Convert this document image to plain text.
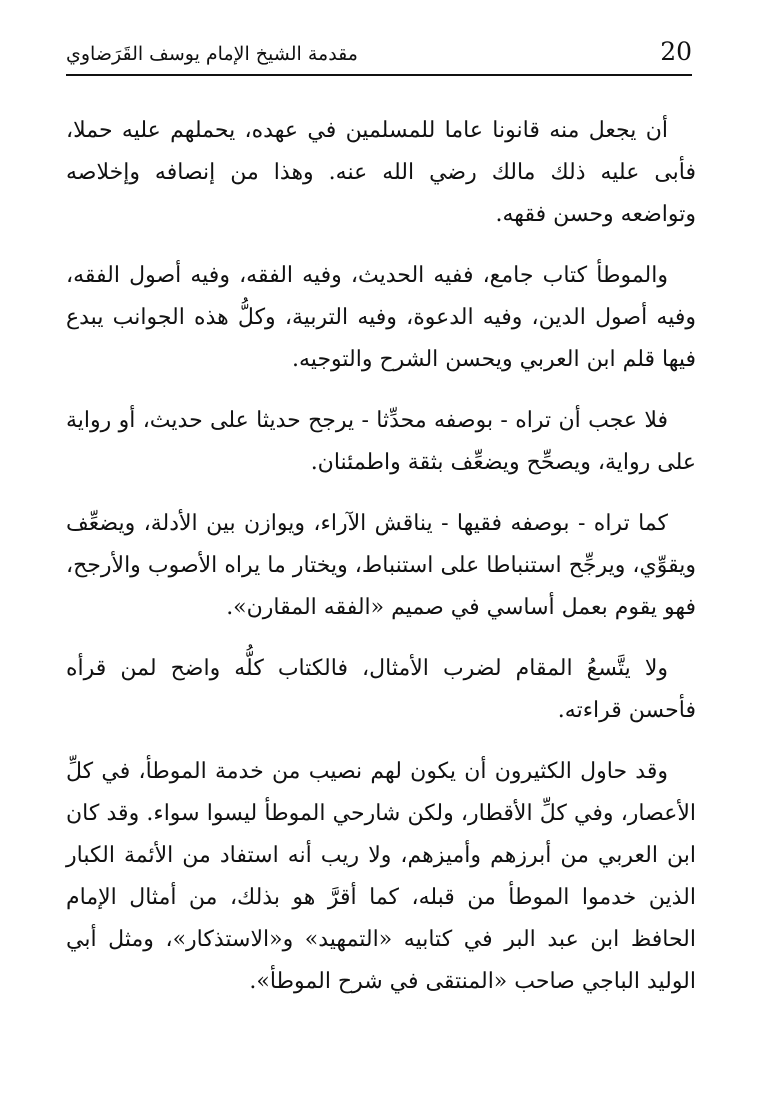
20
مقدمة الشيخ الإمام يوسف القَرَضاوي

أن يجعل منه قانونا عاما للمسلمين في عهده، يحملهم عليه حملا، فأبى عليه ذلك مالك رضي الله عنه. وهذا من إنصافه وإخلاصه وتواضعه وحسن فقهه.

والموطأ كتاب جامع، ففيه الحديث، وفيه الفقه، وفيه أصول الفقه، وفيه أصول الدين، وفيه الدعوة، وفيه التربية، وكلُّ هذه الجوانب يبدع فيها قلم ابن العربي ويحسن الشرح والتوجيه.

فلا عجب أن تراه - بوصفه محدِّثا - يرجح حديثا على حديث، أو رواية على رواية، ويصحِّح ويضعِّف بثقة واطمئنان.

كما تراه - بوصفه فقيها - يناقش الآراء، ويوازن بين الأدلة، ويضعِّف ويقوِّي، ويرجِّح استنباطا على استنباط، ويختار ما يراه الأصوب والأرجح، فهو يقوم بعمل أساسي في صميم «الفقه المقارن».

ولا يتَّسعُ المقام لضرب الأمثال، فالكتاب كلُّه واضح لمن قرأه فأحسن قراءته.

وقد حاول الكثيرون أن يكون لهم نصيب من خدمة الموطأ، في كلِّ الأعصار، وفي كلِّ الأقطار، ولكن شارحي الموطأ ليسوا سواء. وقد كان ابن العربي من أبرزهم وأميزهم، ولا ريب أنه استفاد من الأئمة الكبار الذين خدموا الموطأ من قبله، كما أقرَّ هو بذلك، من أمثال الإمام الحافظ ابن عبد البر في كتابيه «التمهيد» و«الاستذكار»، ومثل أبي الوليد الباجي صاحب «المنتقى في شرح الموطأ».
